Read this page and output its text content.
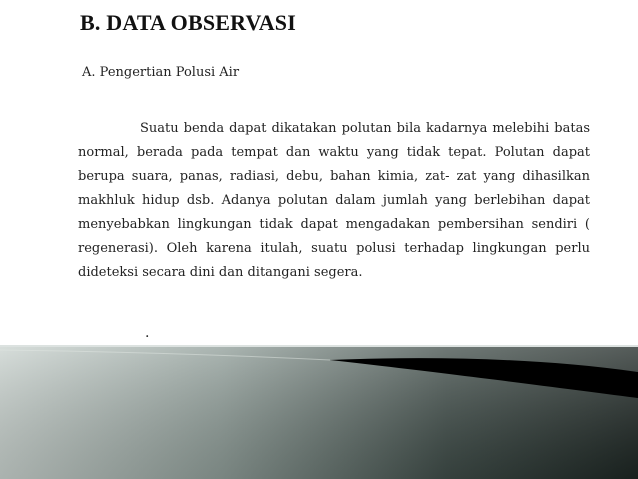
B. DATA OBSERVASI
A. Pengertian Polusi Air

Suatu benda dapat dikatakan polutan bila kadarnya melebihi batas normal, berada pada tempat dan waktu yang tidak tepat. Polutan dapat berupa suara, panas, radiasi, debu, bahan kimia, zat- zat yang dihasilkan makhluk hidup dsb. Adanya polutan dalam jumlah yang berlebihan dapat menyebabkan lingkungan tidak dapat mengadakan pembersihan sendiri ( regenerasi). Oleh karena itulah, suatu polusi terhadap lingkungan perlu dideteksi secara dini dan ditangani segera.

.
